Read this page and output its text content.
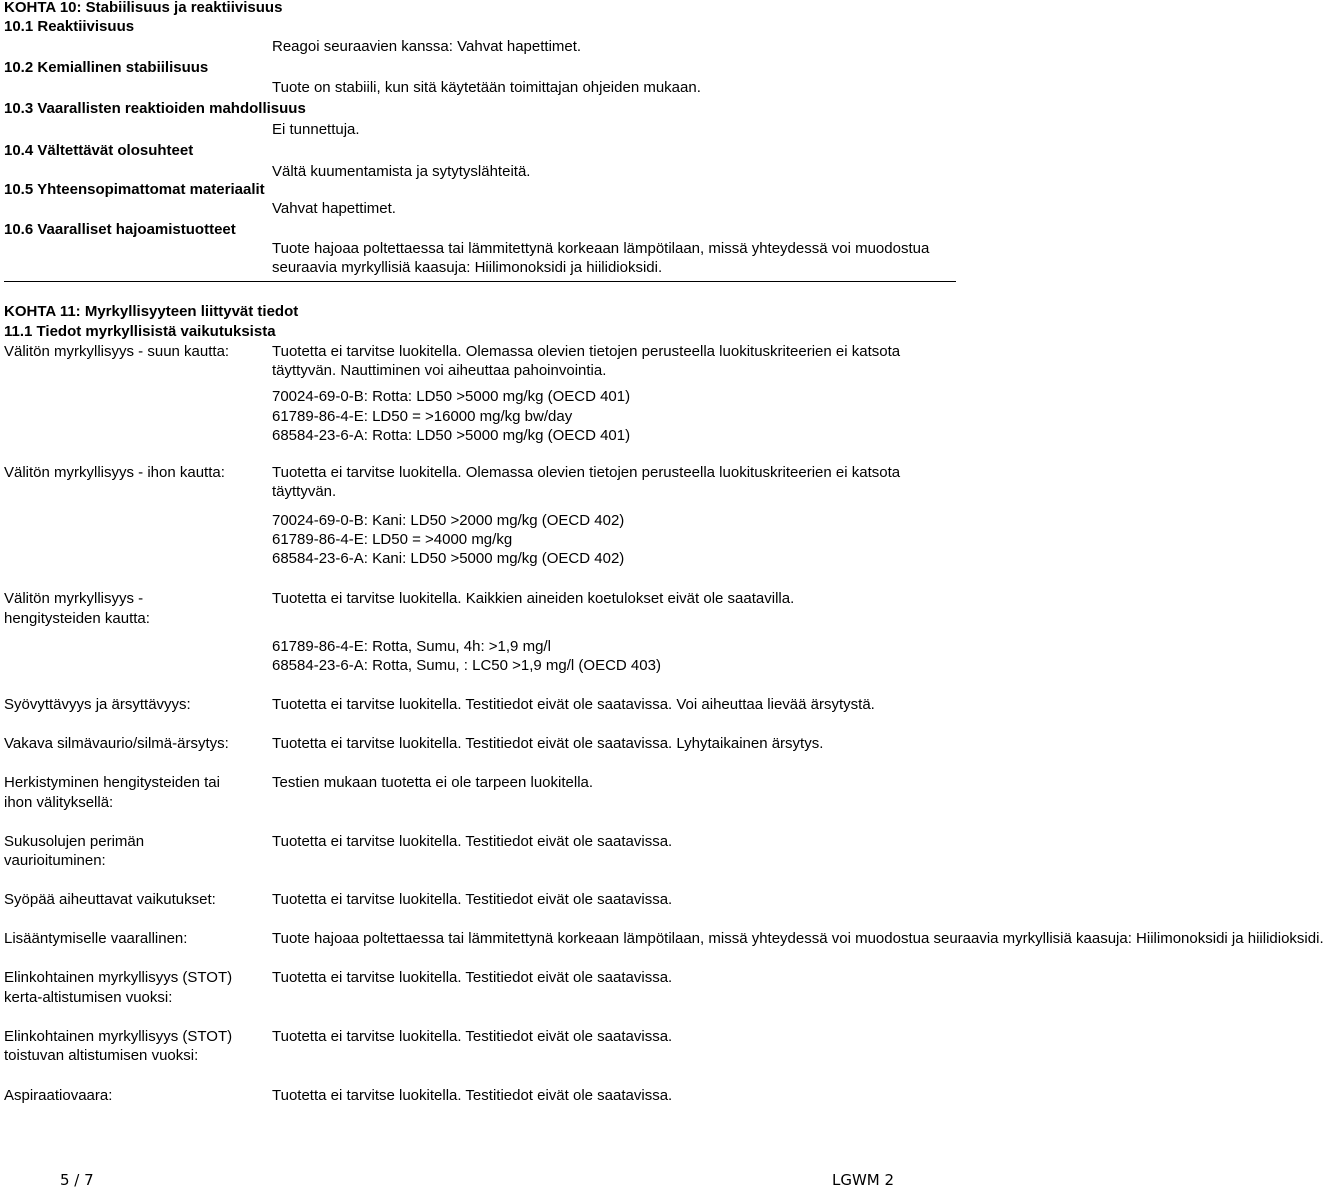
KOHTA 10: Stabiilisuus ja reaktiivisuus
10.1 Reaktiivisuus
Reagoi seuraavien kanssa: Vahvat hapettimet.
10.2 Kemiallinen stabiilisuus
Tuote on stabiili, kun sitä käytetään toimittajan ohjeiden mukaan.
10.3 Vaarallisten reaktioiden mahdollisuus
Ei tunnettuja.
10.4 Vältettävät olosuhteet
Vältä kuumentamista ja sytytyslähteitä.
10.5 Yhteensopimattomat materiaalit
Vahvat hapettimet.
10.6 Vaaralliset hajoamistuotteet
Tuote hajoaa poltettaessa tai lämmitettynä korkeaan lämpötilaan, missä yhteydessä voi muodostua seuraavia myrkyllisiä kaasuja: Hiilimonoksidi ja hiilidioksidi.
KOHTA 11: Myrkyllisyyteen liittyvät tiedot
11.1 Tiedot myrkyllisistä vaikutuksista
Välitön myrkyllisyys - suun kautta:	Tuotetta ei tarvitse luokitella. Olemassa olevien tietojen perusteella luokituskriteerien ei katsota täyttyvän. Nauttiminen voi aiheuttaa pahoinvointia.
70024-69-0-B: Rotta: LD50 >5000 mg/kg (OECD 401)
61789-86-4-E: LD50 = >16000 mg/kg bw/day
68584-23-6-A: Rotta: LD50 >5000 mg/kg (OECD 401)
Välitön myrkyllisyys - ihon kautta:	Tuotetta ei tarvitse luokitella. Olemassa olevien tietojen perusteella luokituskriteerien ei katsota täyttyvän.
70024-69-0-B: Kani: LD50 >2000 mg/kg (OECD 402)
61789-86-4-E: LD50 = >4000 mg/kg
68584-23-6-A: Kani: LD50 >5000 mg/kg (OECD 402)
Välitön myrkyllisyys -
hengitysteiden kautta:
Tuotetta ei tarvitse luokitella. Kaikkien aineiden koetulokset eivät ole saatavilla.
61789-86-4-E: Rotta, Sumu, 4h: >1,9 mg/l
68584-23-6-A: Rotta, Sumu, : LC50 >1,9 mg/l (OECD 403)
Syövyttävyys ja ärsyttävyys:	Tuotetta ei tarvitse luokitella. Testitiedot eivät ole saatavissa. Voi aiheuttaa lievää ärsytystä.
Vakava silmävaurio/silmä-ärsytys:	Tuotetta ei tarvitse luokitella. Testitiedot eivät ole saatavissa. Lyhytaikainen ärsytys.
Herkistyminen hengitysteiden tai
ihon välityksellä:
Testien mukaan tuotetta ei ole tarpeen luokitella.
Sukusolujen perimän
vaurioituminen:
Tuotetta ei tarvitse luokitella. Testitiedot eivät ole saatavissa.
Syöpää aiheuttavat vaikutukset:	Tuotetta ei tarvitse luokitella. Testitiedot eivät ole saatavissa.
Lisääntymiselle vaarallinen:	Tuote hajoaa poltettaessa tai lämmitettynä korkeaan lämpötilaan, missä yhteydessä voi muodostua seuraavia myrkyllisiä kaasuja: Hiilimonoksidi ja hiilidioksidi.
Elinkohtainen myrkyllisyys (STOT)
kerta-altistumisen vuoksi:
Tuotetta ei tarvitse luokitella. Testitiedot eivät ole saatavissa.
Elinkohtainen myrkyllisyys (STOT)
toistuvan altistumisen vuoksi:
Tuotetta ei tarvitse luokitella. Testitiedot eivät ole saatavissa.
Aspiraatiovaara:	Tuotetta ei tarvitse luokitella. Testitiedot eivät ole saatavissa.
5 / 7	LGWM 2
